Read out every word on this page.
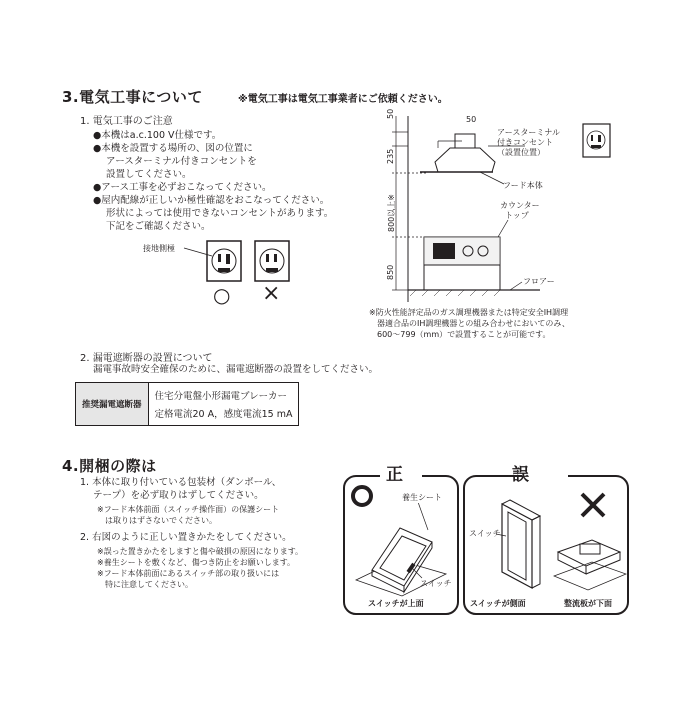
3.電気工事について	※電気工事は電気工事業者にご依頼ください。
1. 電気工事のご注意
●本機はa.c.100 V仕様です。
●本機を設置する場所の、図の位置に
アースターミナル付きコンセントを
設置してください。
●アース工事を必ずおこなってください。
●屋内配線が正しいか極性確認をおこなってください。
形状によっては使用できないコンセントがあります。
下記をご確認ください。
接地側極
○ ×
50
50
235
800以上※
850
アースターミナル
付きコンセント
（設置位置）
フード本体
カウンター
トップ
フロアー
※防火性能評定品のガス調理機器または特定安全IH調理
器適合品のIH調理機器との組み合わせにおいてのみ、
600～799（mm）で設置することが可能です。
2. 漏電遮断器の設置について
漏電事故時安全確保のために、漏電遮断器の設置をしてください。
推奨漏電遮断器	住宅分電盤小形漏電ブレーカー
定格電流20 A，感度電流15 mA
4.開梱の際は
1. 本体に取り付いている包装材（ダンボール、
テープ）を必ず取りはずしてください。
※フード本体前面（スイッチ操作面）の保護シート
は取りはずさないでください。
2. 右図のように正しい置きかたをしてください。
※誤った置きかたをしますと傷や破損の原因になります。
※養生シートを敷くなど、傷つき防止をお願いします。
※フード本体前面にあるスイッチ部の取り扱いには
特に注意してください。
正
養生シート
スイッチ
スイッチが上面
誤
スイッチ
スイッチが側面	整流板が下面
